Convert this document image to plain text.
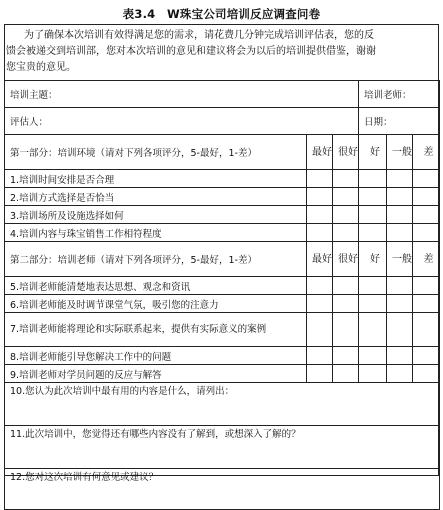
表3.4　W珠宝公司培训反应调查问卷
为了确保本次培训有效得满足您的需求，请花费几分钟完成培训评估表，您的反
馈会被递交到培训部，您对本次培训的意见和建议将会为以后的培训提供借鉴，谢谢
您宝贵的意见。
培训主题：			培训老师：		
评估人：			日期：		
第一部分：培训环境（请对下列各项评分，5-最好，1-差）	最好	很好	好	一般	差
1.培训时间安排是否合理					
2.培训方式选择是否恰当					
3.培训场所及设施选择如何					
4.培训内容与珠宝销售工作相符程度					
第二部分：培训老师（请对下列各项评分，5-最好，1-差）	最好	很好	好	一般	差
5.培训老师能清楚地表达思想、观念和资讯					
6.培训老师能及时调节课堂气氛，吸引您的注意力					
7.培训老师能将理论和实际联系起来，提供有实际意义的案例					
8.培训老师能引导您解决工作中的问题					
9.培训老师对学员问题的反应与解答					
10.您认为此次培训中最有用的内容是什么，请列出：					
11.此次培训中，您觉得还有哪些内容没有了解到，或想深入了解的？					
12.您对这次培训有何意见或建议？					
